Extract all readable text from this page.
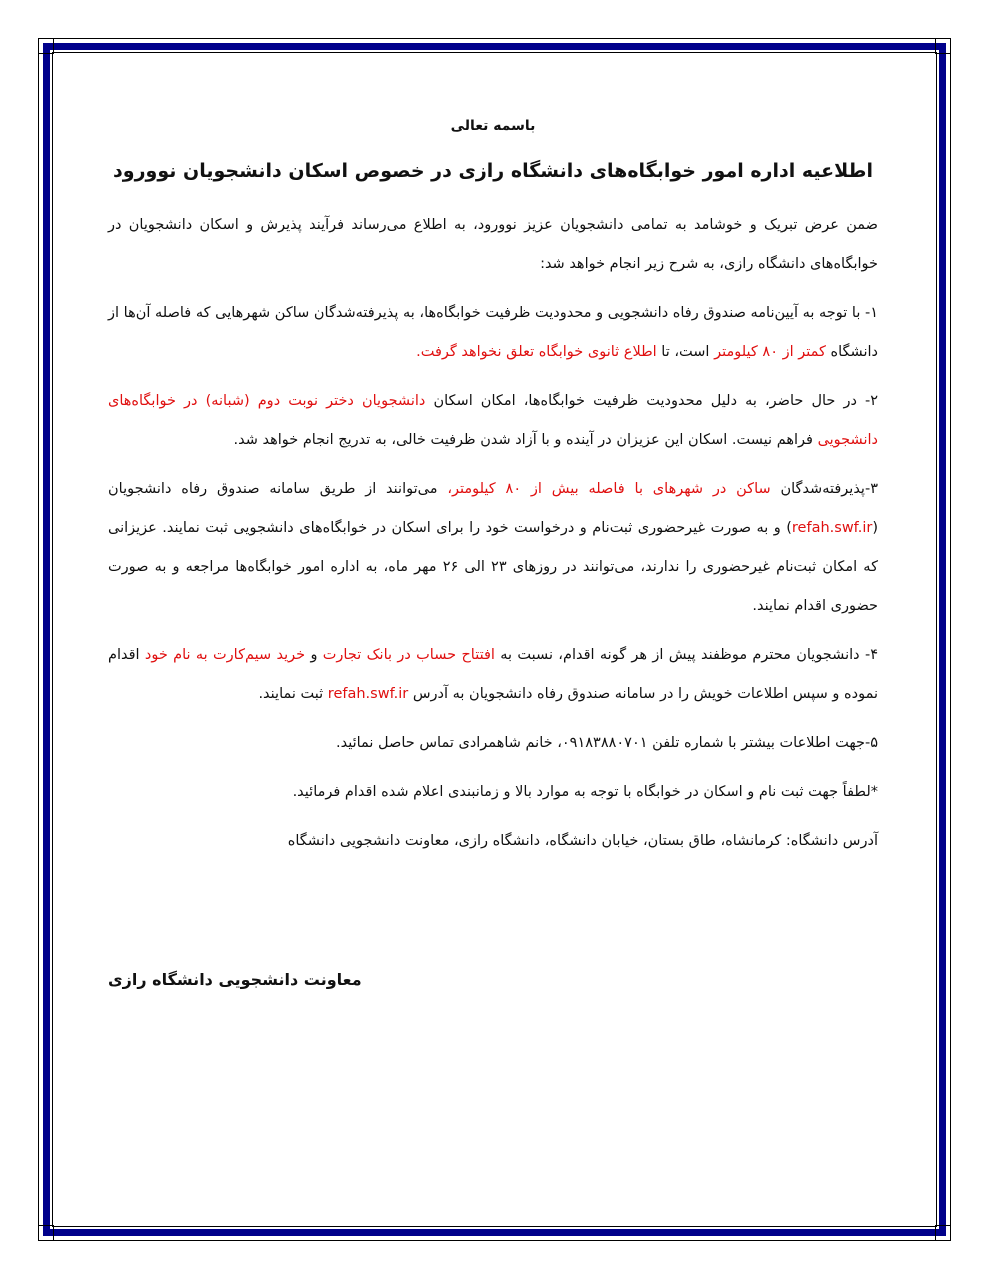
باسمه تعالی
اطلاعیه اداره امور خوابگاه‌های دانشگاه رازی در خصوص اسکان دانشجویان نوورود

ضمن عرض تبریک و خوشامد به تمامی دانشجویان عزیز نوورود، به اطلاع می‌رساند فرآیند پذیرش و اسکان دانشجویان در خوابگاه‌های دانشگاه رازی، به شرح زیر انجام خواهد شد:

۱- با توجه به آیین‌نامه صندوق رفاه دانشجویی و محدودیت ظرفیت خوابگاه‌ها، به پذیرفته‌شدگان ساکن شهرهایی که فاصله آن‌ها از دانشگاه کمتر از ۸۰ کیلومتر است، تا اطلاع ثانوی خوابگاه تعلق نخواهد گرفت.

۲- در حال حاضر، به دلیل محدودیت ظرفیت خوابگاه‌ها، امکان اسکان دانشجویان دختر نوبت دوم (شبانه) در خوابگاه‌های دانشجویی فراهم نیست. اسکان این عزیزان در آینده و با آزاد شدن ظرفیت خالی، به تدریج انجام خواهد شد.

۳-پذیرفته‌شدگان ساکن در شهرهای با فاصله بیش از ۸۰ کیلومتر، می‌توانند از طریق سامانه صندوق رفاه دانشجویان (refah.swf.ir) و به صورت غیرحضوری ثبت‌نام و درخواست خود را برای اسکان در خوابگاه‌های دانشجویی ثبت نمایند. عزیزانی که امکان ثبت‌نام غیرحضوری را ندارند، می‌توانند در روزهای ۲۳ الی ۲۶ مهر ماه، به اداره امور خوابگاه‌ها مراجعه و به صورت حضوری اقدام نمایند.

۴- دانشجویان محترم موظفند پیش از هر گونه اقدام، نسبت به افتتاح حساب در بانک تجارت و خرید سیم‌کارت به نام خود اقدام نموده و سپس اطلاعات خویش را در سامانه صندوق رفاه دانشجویان به آدرس refah.swf.ir ثبت نمایند.

۵-جهت اطلاعات بیشتر با شماره تلفن ۰۹۱۸۳۸۸۰۷۰۱، خانم شاهمرادی تماس حاصل نمائید.

*لطفاً جهت ثبت نام و اسکان در خوابگاه با توجه به موارد بالا و زمانبندی اعلام شده اقدام فرمائید.

آدرس دانشگاه: کرمانشاه، طاق بستان، خیابان دانشگاه، دانشگاه رازی، معاونت دانشجویی دانشگاه

معاونت دانشجویی دانشگاه رازی
